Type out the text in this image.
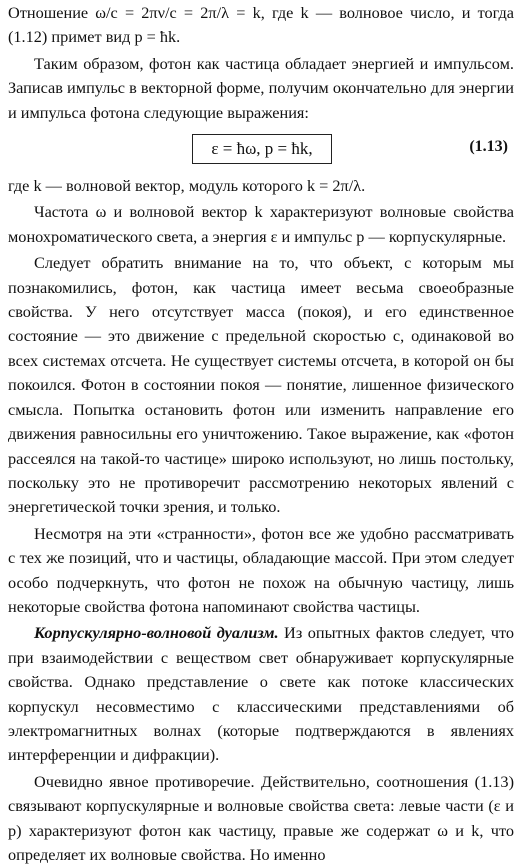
Отношение ω/c = 2πν/c = 2π/λ = k, где k — волновое число, и тогда (1.12) примет вид p = ħk.

Таким образом, фотон как частица обладает энергией и импульсом. Записав импульс в векторной форме, получим окончательно для энергии и импульса фотона следующие выражения:

ε = ħω, p = ħk,	(1.13)

где k — волновой вектор, модуль которого k = 2π/λ.

Частота ω и волновой вектор k характеризуют волновые свойства монохроматического света, а энергия ε и импульс p — корпускулярные.

Следует обратить внимание на то, что объект, с которым мы познакомились, фотон, как частица имеет весьма своеобразные свойства. У него отсутствует масса (покоя), и его единственное состояние — это движение с предельной скоростью c, одинаковой во всех системах отсчета. Не существует системы отсчета, в которой он бы покоился. Фотон в состоянии покоя — понятие, лишенное физического смысла. Попытка остановить фотон или изменить направление его движения равносильны его уничтожению. Такое выражение, как «фотон рассеялся на такой-то частице» широко используют, но лишь постольку, поскольку это не противоречит рассмотрению некоторых явлений с энергетической точки зрения, и только.

Несмотря на эти «странности», фотон все же удобно рассматривать с тех же позиций, что и частицы, обладающие массой. При этом следует особо подчеркнуть, что фотон не похож на обычную частицу, лишь некоторые свойства фотона напоминают свойства частицы.

Корпускулярно-волновой дуализм. Из опытных фактов следует, что при взаимодействии с веществом свет обнаруживает корпускулярные свойства. Однако представление о свете как потоке классических корпускул несовместимо с классическими представлениями об электромагнитных волнах (которые подтверждаются в явлениях интерференции и дифракции).

Очевидно явное противоречие. Действительно, соотношения (1.13) связывают корпускулярные и волновые свойства света: левые части (ε и p) характеризуют фотон как частицу, правые же содержат ω и k, что определяет их волновые свойства. Но именно
